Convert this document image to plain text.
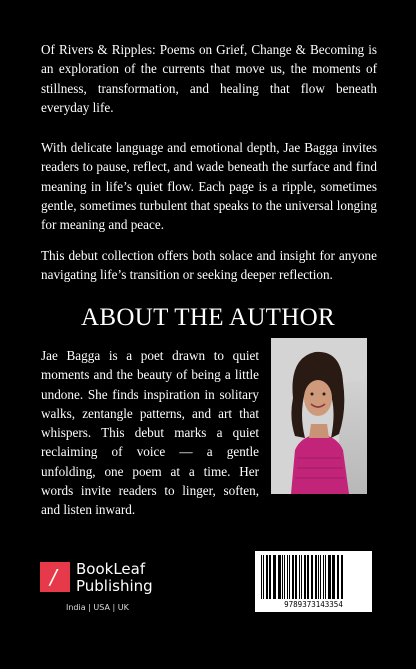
Of Rivers & Ripples: Poems on Grief, Change & Becoming is an exploration of the currents that move us, the moments of stillness, transformation, and healing that flow beneath everyday life.

With delicate language and emotional depth, Jae Bagga invites readers to pause, reflect, and wade beneath the surface and find meaning in life’s quiet flow. Each page is a ripple, sometimes gentle, sometimes turbulent that speaks to the universal longing for meaning and peace.

This debut collection offers both solace and insight for anyone navigating life’s transition or seeking deeper reflection.

ABOUT THE AUTHOR

Jae Bagga is a poet drawn to quiet moments and the beauty of being a little undone. She finds inspiration in solitary walks, zentangle patterns, and art that whispers. This debut marks a quiet reclaiming of voice — a gentle unfolding, one poem at a time. Her words invite readers to linger, soften, and listen inward.

/ BookLeaf
Publishing
India | USA | UK	9789373143354
